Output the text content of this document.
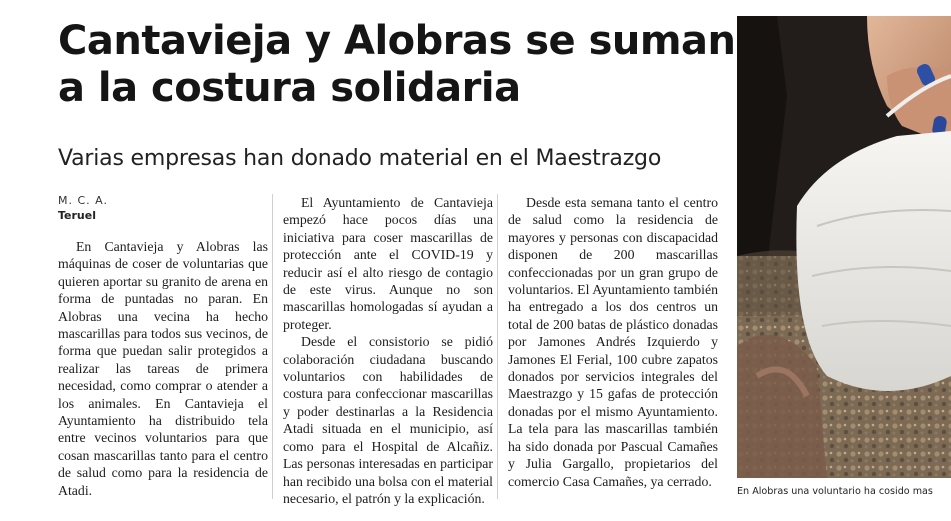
Cantavieja y Alobras se suman a la costura solidaria
Varias empresas han donado material en el Maestrazgo
M. C. A.
Teruel

En Cantavieja y Alobras las máquinas de coser de voluntarias que quieren aportar su granito de arena en forma de puntadas no paran. En Alobras una vecina ha hecho mascarillas para todos sus vecinos, de forma que puedan salir protegidos a realizar las tareas de primera necesidad, como comprar o atender a los animales. En Cantavieja el Ayuntamiento ha distribuido tela entre vecinos voluntarios para que cosan mascarillas tanto para el centro de salud como para la residencia de Atadi.

El Ayuntamiento de Cantavieja empezó hace pocos días una iniciativa para coser mascarillas de protección ante el COVID-19 y reducir así el alto riesgo de contagio de este virus. Aunque no son mascarillas homologadas sí ayudan a proteger.

Desde el consistorio se pidió colaboración ciudadana buscando voluntarios con habilidades de costura para confeccionar mascarillas y poder destinarlas a la Residencia Atadi situada en el municipio, así como para el Hospital de Alcañiz. Las personas interesadas en participar han recibido una bolsa con el material necesario, el patrón y la explicación.

Desde esta semana tanto el centro de salud como la residencia de mayores y personas con discapacidad disponen de 200 mascarillas confeccionadas por un gran grupo de voluntarios. El Ayuntamiento también ha entregado a los dos centros un total de 200 batas de plástico donadas por Jamones Andrés Izquierdo y Jamones El Ferial, 100 cubre zapatos donados por servicios integrales del Maestrazgo y 15 gafas de protección donadas por el mismo Ayuntamiento. La tela para las mascarillas también ha sido donada por Pascual Camañes y Julia Gargallo, propietarios del comercio Casa Camañes, ya cerrado.

En Alobras una voluntario ha cosido mas
